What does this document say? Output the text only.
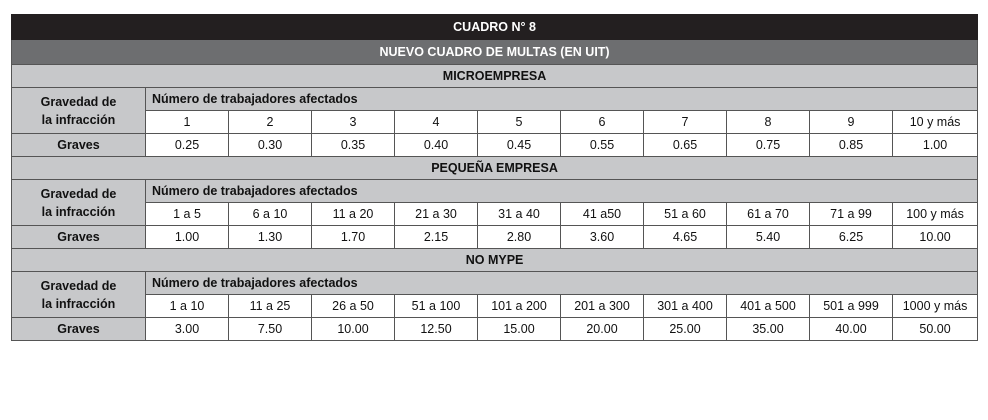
CUADRO N° 8										
NUEVO CUADRO DE MULTAS (EN UIT)										
MICROEMPRESA										
Gravedad de
la infracción	Número de trabajadores afectados									
	1	2	3	4	5	6	7	8	9	10 y más
Graves	0.25	0.30	0.35	0.40	0.45	0.55	0.65	0.75	0.85	1.00
PEQUEÑA EMPRESA										
Gravedad de
la infracción	Número de trabajadores afectados									
	1 a 5	6 a 10	11 a 20	21 a 30	31 a 40	41 a50	51 a 60	61 a 70	71 a 99	100 y más
Graves	1.00	1.30	1.70	2.15	2.80	3.60	4.65	5.40	6.25	10.00
NO MYPE										
Gravedad de
la infracción	Número de trabajadores afectados									
	1 a 10	11 a 25	26 a 50	51 a 100	101 a 200	201 a 300	301 a 400	401 a 500	501 a 999	1000 y más
Graves	3.00	7.50	10.00	12.50	15.00	20.00	25.00	35.00	40.00	50.00
